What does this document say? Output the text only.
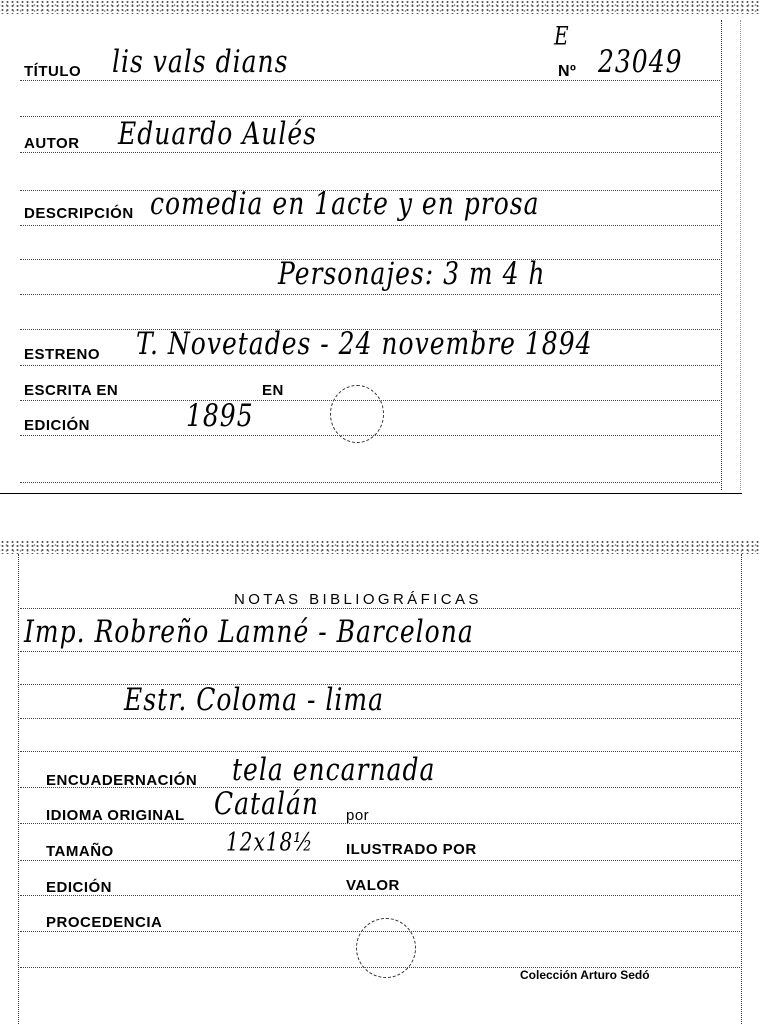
TÍTULO lis vals dians
E
Nº 23049
AUTOR Eduardo Aulés
DESCRIPCIÓN comedia en 1acte y en prosa
Personajes: 3 m 4 h
ESTRENO T. Novetades - 24 novembre 1894
ESCRITA EN	EN
EDICIÓN	1895
NOTAS BIBLIOGRÁFICAS
Imp. Robreño Lamné - Barcelona
Estr. Coloma - lima
ENCUADERNACIÓN tela encarnada
IDIOMA ORIGINAL Catalán por
TAMAÑO	12x18½ ILUSTRADO POR
EDICIÓN	VALOR
PROCEDENCIA
Colección Arturo Sedó
